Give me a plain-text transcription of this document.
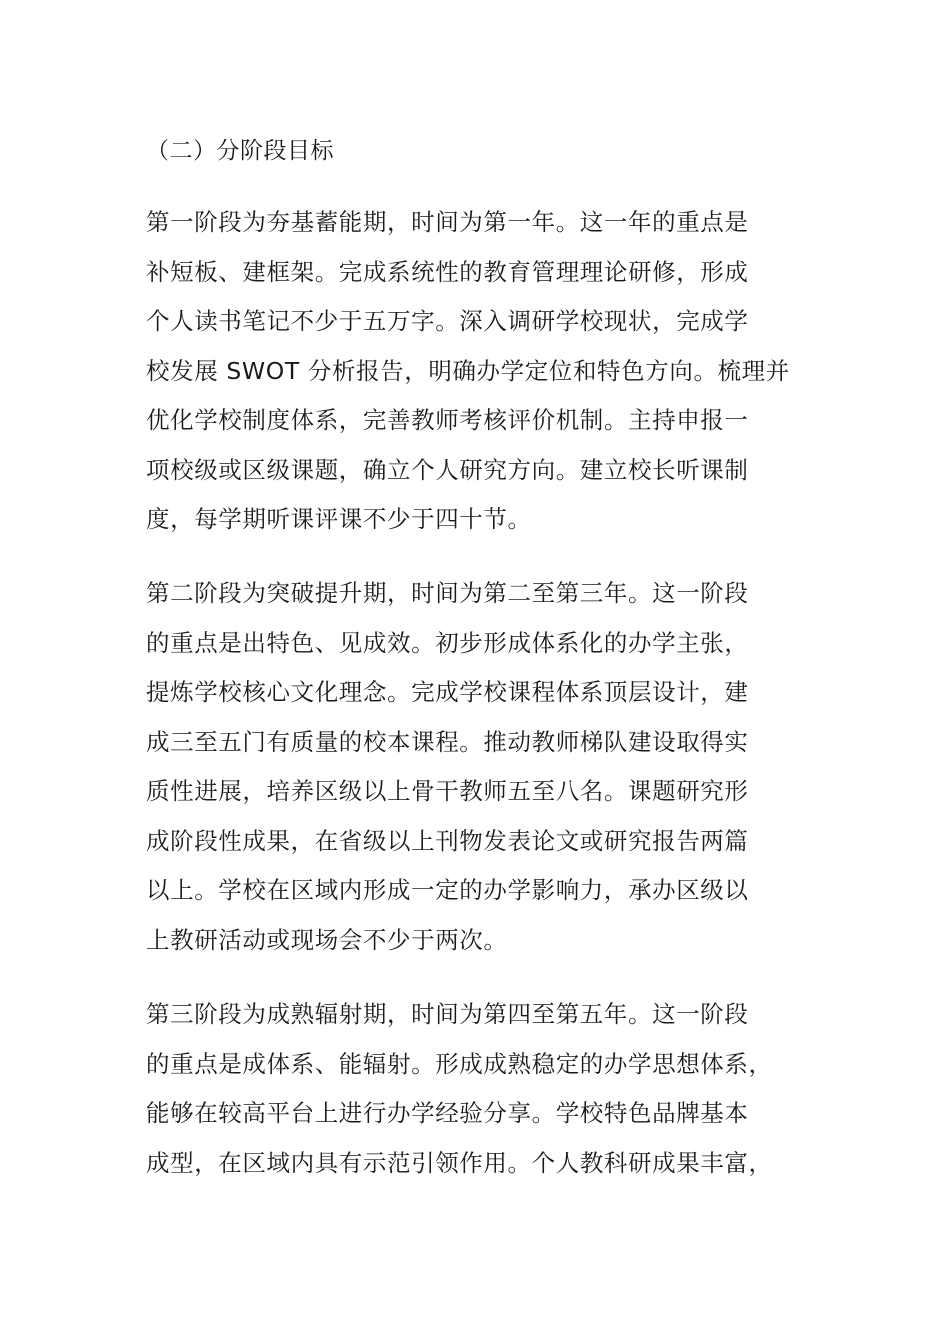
（二）分阶段目标
第一阶段为夯基蓄能期，时间为第一年。这一年的重点是
补短板、建框架。完成系统性的教育管理理论研修，形成
个人读书笔记不少于五万字。深入调研学校现状，完成学
校发展 SWOT 分析报告，明确办学定位和特色方向。梳理并
优化学校制度体系，完善教师考核评价机制。主持申报一
项校级或区级课题，确立个人研究方向。建立校长听课制
度，每学期听课评课不少于四十节。
第二阶段为突破提升期，时间为第二至第三年。这一阶段
的重点是出特色、见成效。初步形成体系化的办学主张，
提炼学校核心文化理念。完成学校课程体系顶层设计，建
成三至五门有质量的校本课程。推动教师梯队建设取得实
质性进展，培养区级以上骨干教师五至八名。课题研究形
成阶段性成果，在省级以上刊物发表论文或研究报告两篇
以上。学校在区域内形成一定的办学影响力，承办区级以
上教研活动或现场会不少于两次。
第三阶段为成熟辐射期，时间为第四至第五年。这一阶段
的重点是成体系、能辐射。形成成熟稳定的办学思想体系，
能够在较高平台上进行办学经验分享。学校特色品牌基本
成型，在区域内具有示范引领作用。个人教科研成果丰富，
